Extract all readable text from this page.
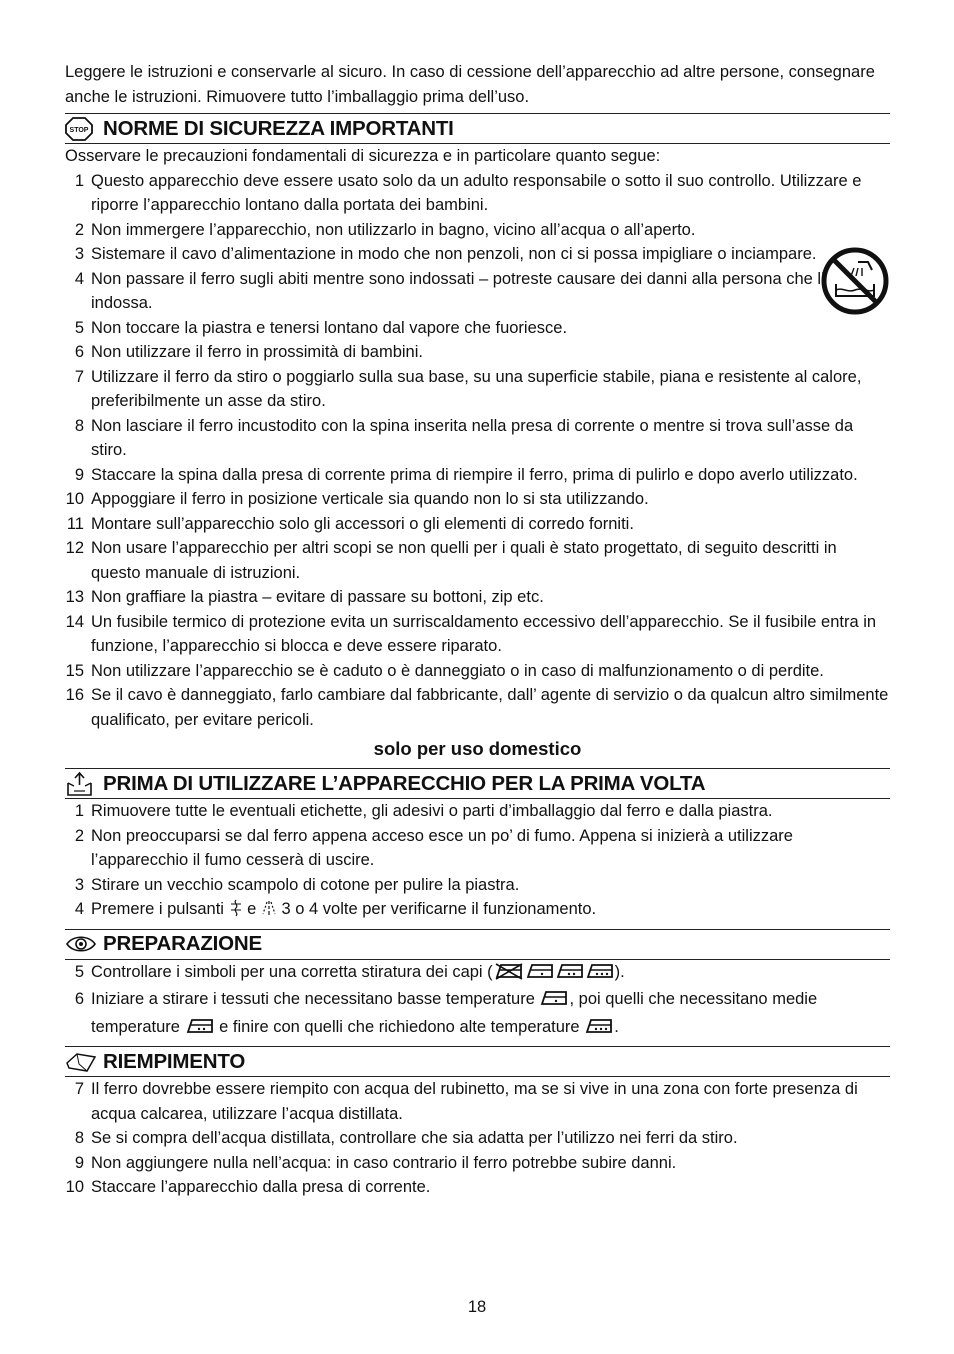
Leggere le istruzioni e conservarle al sicuro. In caso di cessione dell’apparecchio ad altre persone, consegnare anche le istruzioni. Rimuovere tutto l’imballaggio prima dell’uso.

STOP NORME DI SICUREZZA IMPORTANTI

Osservare le precauzioni fondamentali di sicurezza e in particolare quanto segue:

1 Questo apparecchio deve essere usato solo da un adulto responsabile o sotto il suo controllo. Utilizzare e riporre l’apparecchio lontano dalla portata dei bambini.
2 Non immergere l’apparecchio, non utilizzarlo in bagno, vicino all’acqua o all’aperto.
3 Sistemare il cavo d’alimentazione in modo che non penzoli, non ci si possa impigliare o inciampare.
4 Non passare il ferro sugli abiti mentre sono indossati – potreste causare dei danni alla persona che li indossa.
5 Non toccare la piastra e tenersi lontano dal vapore che fuoriesce.
6 Non utilizzare il ferro in prossimità di bambini.
7 Utilizzare il ferro da stiro o poggiarlo sulla sua base, su una superficie stabile, piana e resistente al calore, preferibilmente un asse da stiro.
8 Non lasciare il ferro incustodito con la spina inserita nella presa di corrente o mentre si trova sull’asse da stiro.
9 Staccare la spina dalla presa di corrente prima di riempire il ferro, prima di pulirlo e dopo averlo utilizzato.
10 Appoggiare il ferro in posizione verticale sia quando non lo si sta utilizzando.
11 Montare sull’apparecchio solo gli accessori o gli elementi di corredo forniti.
12 Non usare l’apparecchio per altri scopi se non quelli per i quali è stato progettato, di seguito descritti in questo manuale di istruzioni.
13 Non graffiare la piastra – evitare di passare su bottoni, zip etc.
14 Un fusibile termico di protezione evita un surriscaldamento eccessivo dell’apparecchio. Se il fusibile entra in funzione, l’apparecchio si blocca e deve essere riparato.
15 Non utilizzare l’apparecchio se è caduto o è danneggiato o in caso di malfunzionamento o di perdite.
16 Se il cavo è danneggiato, farlo cambiare dal fabbricante, dall’ agente di servizio o da qualcun altro similmente qualificato, per evitare pericoli.
solo per uso domestico
PRIMA DI UTILIZZARE L’APPARECCHIO PER LA PRIMA VOLTA
1 Rimuovere tutte le eventuali etichette, gli adesivi o parti d’imballaggio dal ferro e dalla piastra.
2 Non preoccuparsi se dal ferro appena acceso esce un po’ di fumo. Appena si inizierà a utilizzare l’apparecchio il fumo cesserà di uscire.
3 Stirare un vecchio scampolo di cotone per pulire la piastra.
4 Premere i pulsanti  e  3 o 4 volte per verificarne il funzionamento.
PREPARAZIONE
5 Controllare i simboli per una corretta stiratura dei capi (	).
6 Iniziare a stirare i tessuti che necessitano basse temperature , poi quelli che necessitano medie temperature  e finire con quelli che richiedono alte temperature .
RIEMPIMENTO
7 Il ferro dovrebbe essere riempito con acqua del rubinetto, ma se si vive in una zona con forte presenza di acqua calcarea, utilizzare l’acqua distillata.
8 Se si compra dell’acqua distillata, controllare che sia adatta per l’utilizzo nei ferri da stiro.
9 Non aggiungere nulla nell’acqua: in caso contrario il ferro potrebbe subire danni.
10 Staccare l’apparecchio dalla presa di corrente.
18
